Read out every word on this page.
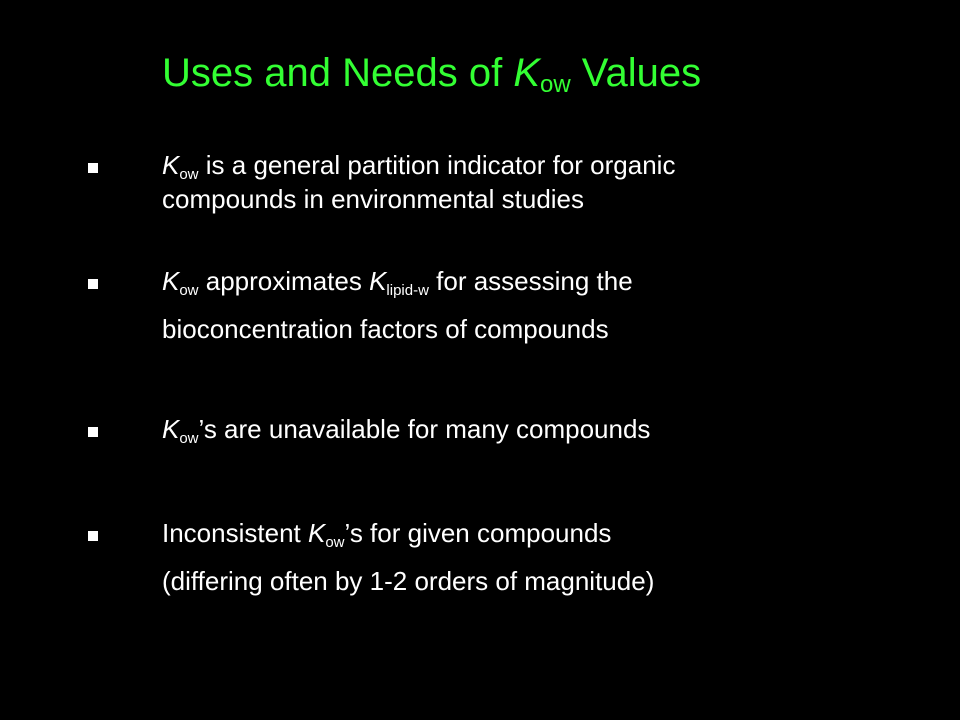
Uses and Needs of $K_{ow}$ Values
$K_{ow}$ is a general partition indicator for organic
compounds in environmental studies
$K_{ow}$ approximates $K_{lipid-w}$ for assessing the
bioconcentration factors of compounds
$K_{ow}’s$ are unavailable for many compounds
Inconsistent $K_{ow}’s$ for given compounds
(differing often by 1-2 orders of magnitude)
